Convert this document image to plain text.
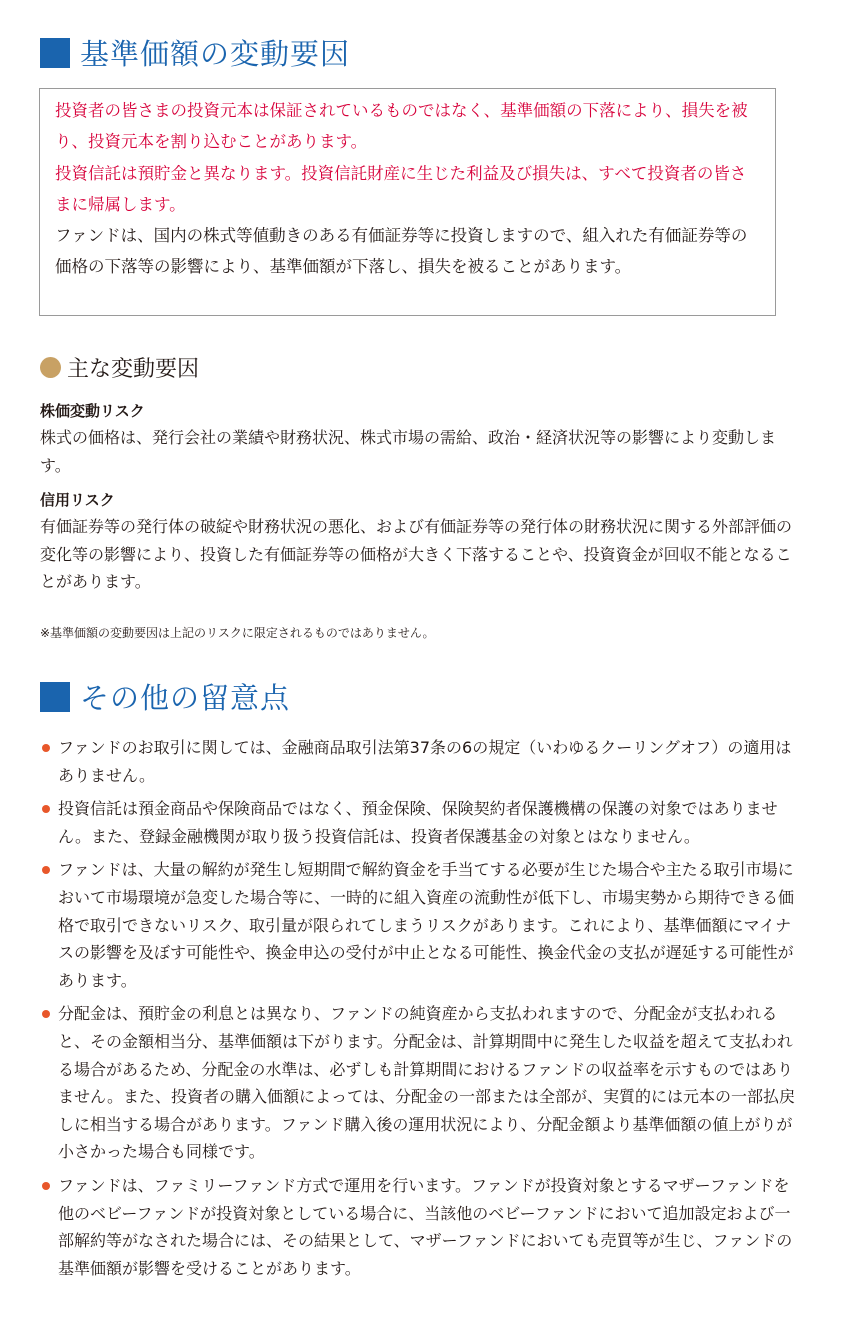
基準価額の変動要因

投資者の皆さまの投資元本は保証されているものではなく、基準価額の下落により、損失を被り、投資元本を割り込むことがあります。

投資信託は預貯金と異なります。投資信託財産に生じた利益及び損失は、すべて投資者の皆さまに帰属します。

ファンドは、国内の株式等値動きのある有価証券等に投資しますので、組入れた有価証券等の価格の下落等の影響により、基準価額が下落し、損失を被ることがあります。

主な変動要因
株価変動リスク

株式の価格は、発行会社の業績や財務状況、株式市場の需給、政治・経済状況等の影響により変動します。

信用リスク

有価証券等の発行体の破綻や財務状況の悪化、および有価証券等の発行体の財務状況に関する外部評価の変化等の影響により、投資した有価証券等の価格が大きく下落することや、投資資金が回収不能となることがあります。

※基準価額の変動要因は上記のリスクに限定されるものではありません。
その他の留意点
ファンドのお取引に関しては、金融商品取引法第37条の6の規定（いわゆるクーリングオフ）の適用はありません。
投資信託は預金商品や保険商品ではなく、預金保険、保険契約者保護機構の保護の対象ではありません。また、登録金融機関が取り扱う投資信託は、投資者保護基金の対象とはなりません。
ファンドは、大量の解約が発生し短期間で解約資金を手当てする必要が生じた場合や主たる取引市場において市場環境が急変した場合等に、一時的に組入資産の流動性が低下し、市場実勢から期待できる価格で取引できないリスク、取引量が限られてしまうリスクがあります。これにより、基準価額にマイナスの影響を及ぼす可能性や、換金申込の受付が中止となる可能性、換金代金の支払が遅延する可能性があります。
分配金は、預貯金の利息とは異なり、ファンドの純資産から支払われますので、分配金が支払われると、その金額相当分、基準価額は下がります。分配金は、計算期間中に発生した収益を超えて支払われる場合があるため、分配金の水準は、必ずしも計算期間におけるファンドの収益率を示すものではありません。また、投資者の購入価額によっては、分配金の一部または全部が、実質的には元本の一部払戻しに相当する場合があります。ファンド購入後の運用状況により、分配金額より基準価額の値上がりが小さかった場合も同様です。
ファンドは、ファミリーファンド方式で運用を行います。ファンドが投資対象とするマザーファンドを他のベビーファンドが投資対象としている場合に、当該他のベビーファンドにおいて追加設定および一部解約等がなされた場合には、その結果として、マザーファンドにおいても売買等が生じ、ファンドの基準価額が影響を受けることがあります。
